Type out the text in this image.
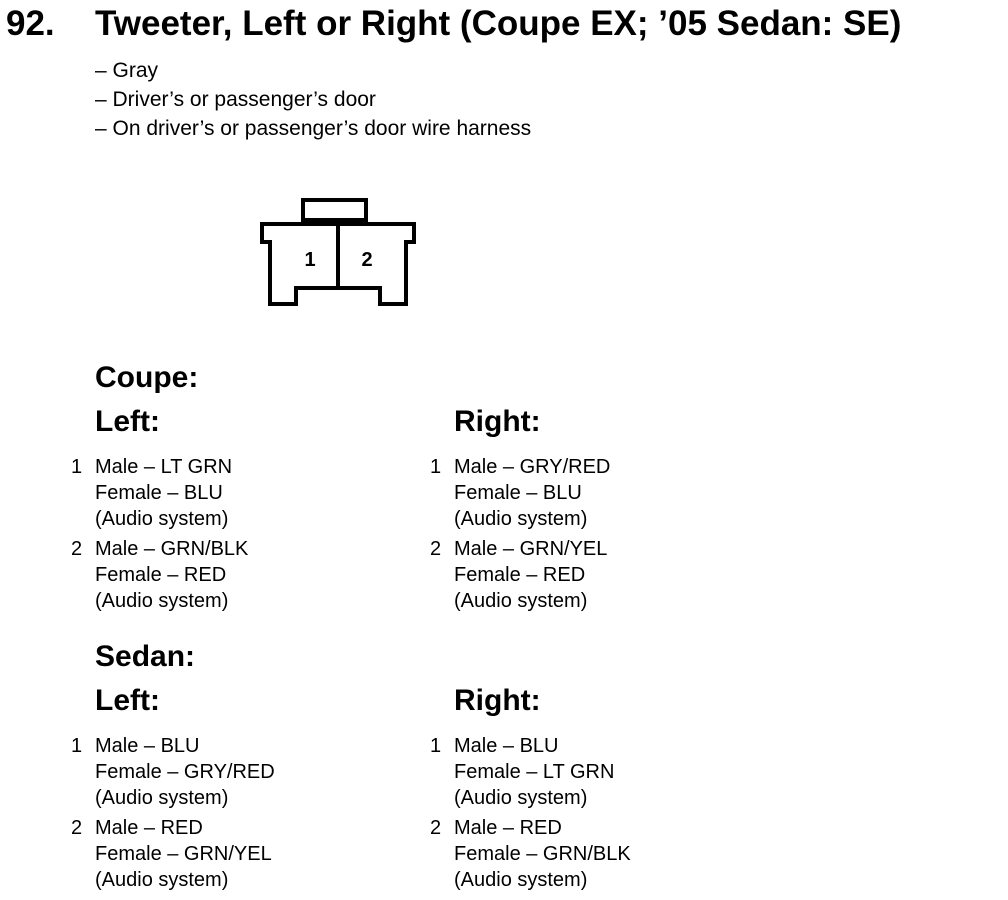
92. Tweeter, Left or Right (Coupe EX; ’05 Sedan: SE)
– Gray
– Driver’s or passenger’s door
– On driver’s or passenger’s door wire harness
1 2
Coupe:
Left:	Right:
1 Male – LT GRN
Female – BLU
(Audio system)
2 Male – GRN/BLK
Female – RED
(Audio system)
1 Male – GRY/RED
Female – BLU
(Audio system)
2 Male – GRN/YEL
Female – RED
(Audio system)
Sedan:
Left:	Right:
1 Male – BLU
Female – GRY/RED
(Audio system)
2 Male – RED
Female – GRN/YEL
(Audio system)
1 Male – BLU
Female – LT GRN
(Audio system)
2 Male – RED
Female – GRN/BLK
(Audio system)
